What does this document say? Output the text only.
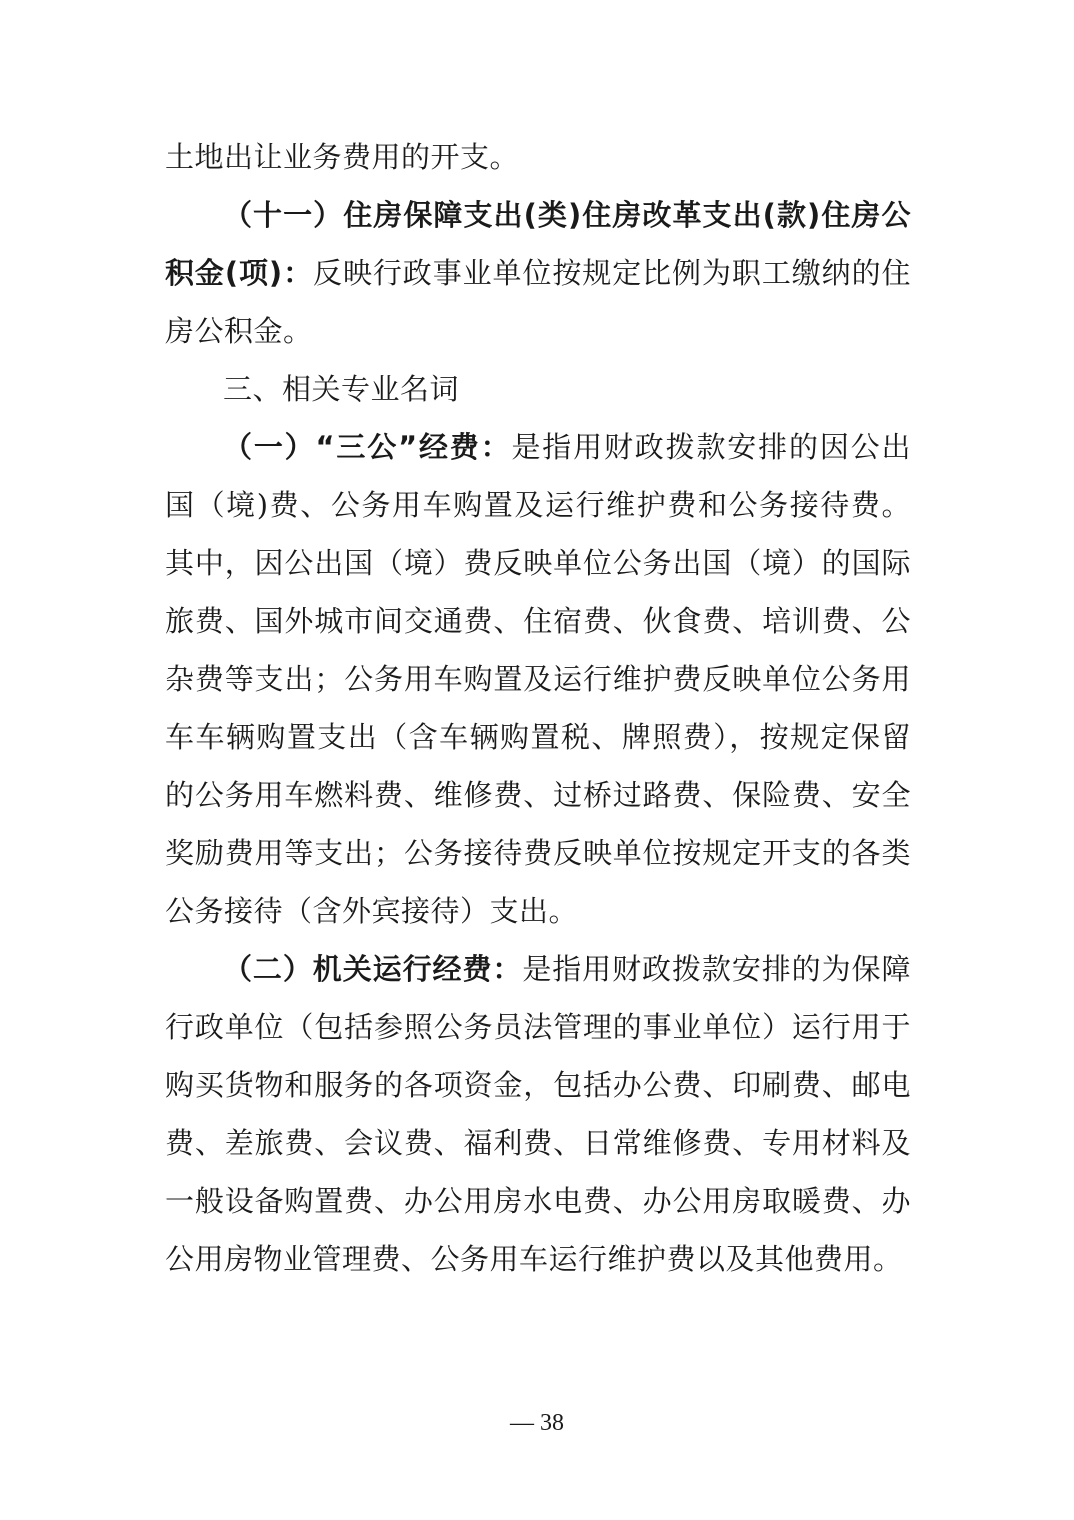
土地出让业务费用的开支。

（十一）住房保障支出(类)住房改革支出(款)住房公积金(项)：反映行政事业单位按规定比例为职工缴纳的住房公积金。

三、相关专业名词

（一）“三公”经费：是指用财政拨款安排的因公出国（境)费、公务用车购置及运行维护费和公务接待费。其中，因公出国（境）费反映单位公务出国（境）的国际旅费、国外城市间交通费、住宿费、伙食费、培训费、公杂费等支出；公务用车购置及运行维护费反映单位公务用车车辆购置支出（含车辆购置税、牌照费），按规定保留的公务用车燃料费、维修费、过桥过路费、保险费、安全奖励费用等支出；公务接待费反映单位按规定开支的各类公务接待（含外宾接待）支出。

（二）机关运行经费：是指用财政拨款安排的为保障行政单位（包括参照公务员法管理的事业单位）运行用于购买货物和服务的各项资金，包括办公费、印刷费、邮电费、差旅费、会议费、福利费、日常维修费、专用材料及一般设备购置费、办公用房水电费、办公用房取暖费、办公用房物业管理费、公务用车运行维护费以及其他费用。

— 38
